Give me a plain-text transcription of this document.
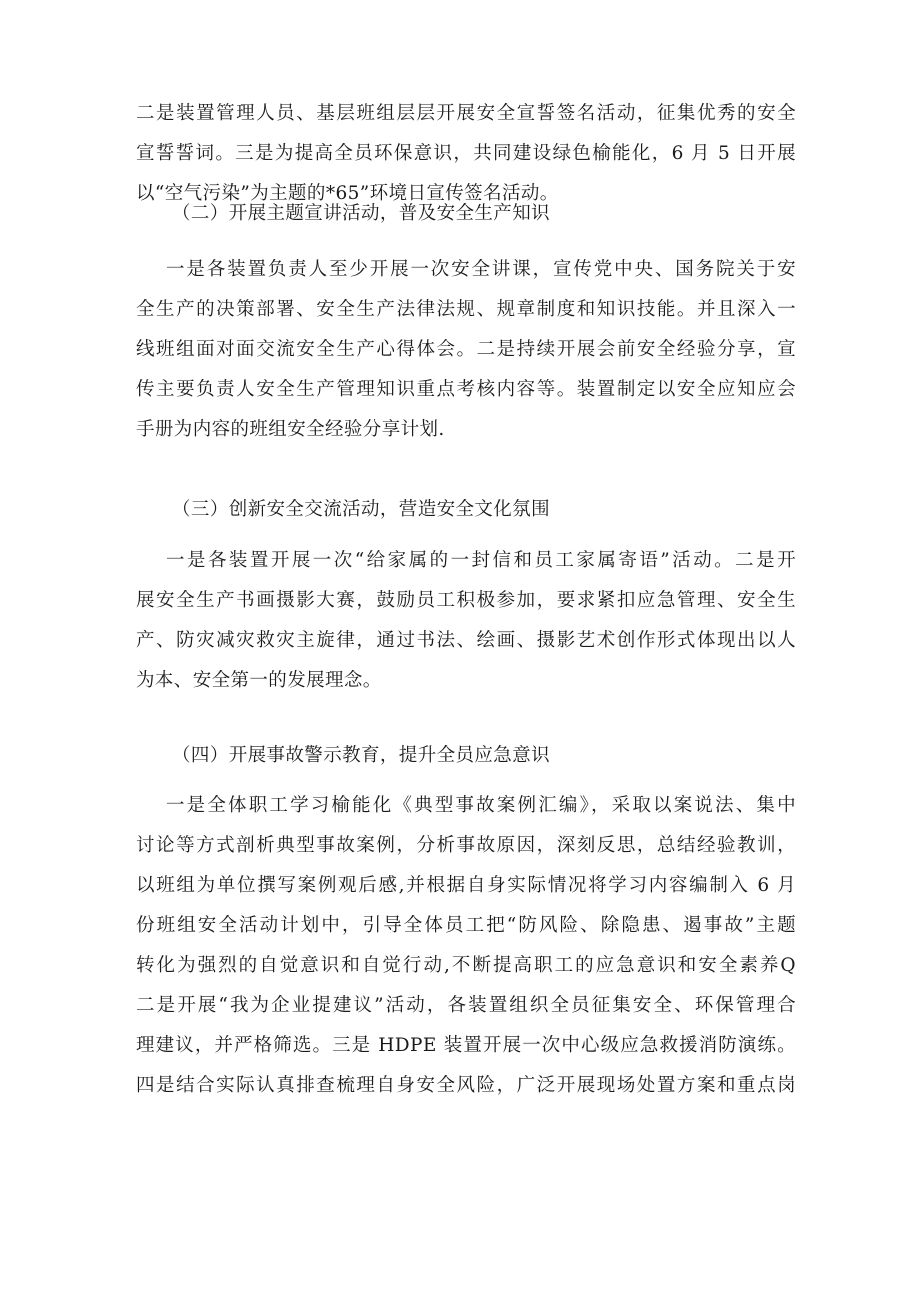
二是装置管理人员、基层班组层层开展安全宣誓签名活动，征集优秀的安全
宣誓誓词。三是为提高全员环保意识，共同建设绿色榆能化，6 月 5 日开展
以“空气污染”为主题的*65”环境日宣传签名活动。

（二）开展主题宣讲活动，普及安全生产知识

一是各装置负责人至少开展一次安全讲课，宣传党中央、国务院关于安
全生产的决策部署、安全生产法律法规、规章制度和知识技能。并且深入一
线班组面对面交流安全生产心得体会。二是持续开展会前安全经验分享，宣
传主要负责人安全生产管理知识重点考核内容等。装置制定以安全应知应会
手册为内容的班组安全经验分享计划.

（三）创新安全交流活动，营造安全文化氛围

一是各装置开展一次“给家属的一封信和员工家属寄语”活动。二是开
展安全生产书画摄影大赛，鼓励员工积极参加，要求紧扣应急管理、安全生
产、防灾减灾救灾主旋律，通过书法、绘画、摄影艺术创作形式体现出以人
为本、安全第一的发展理念。

（四）开展事故警示教育，提升全员应急意识

一是全体职工学习榆能化《典型事故案例汇编》，采取以案说法、集中
讨论等方式剖析典型事故案例，分析事故原因，深刻反思，总结经验教训，
以班组为单位撰写案例观后感,并根据自身实际情况将学习内容编制入 6 月
份班组安全活动计划中，引导全体员工把“防风险、除隐患、遏事故”主题
转化为强烈的自觉意识和自觉行动,不断提高职工的应急意识和安全素养Q
二是开展“我为企业提建议”活动，各装置组织全员征集安全、环保管理合
理建议，并严格筛选。三是 HDPE 装置开展一次中心级应急救援消防演练。
四是结合实际认真排查梳理自身安全风险，广泛开展现场处置方案和重点岗
